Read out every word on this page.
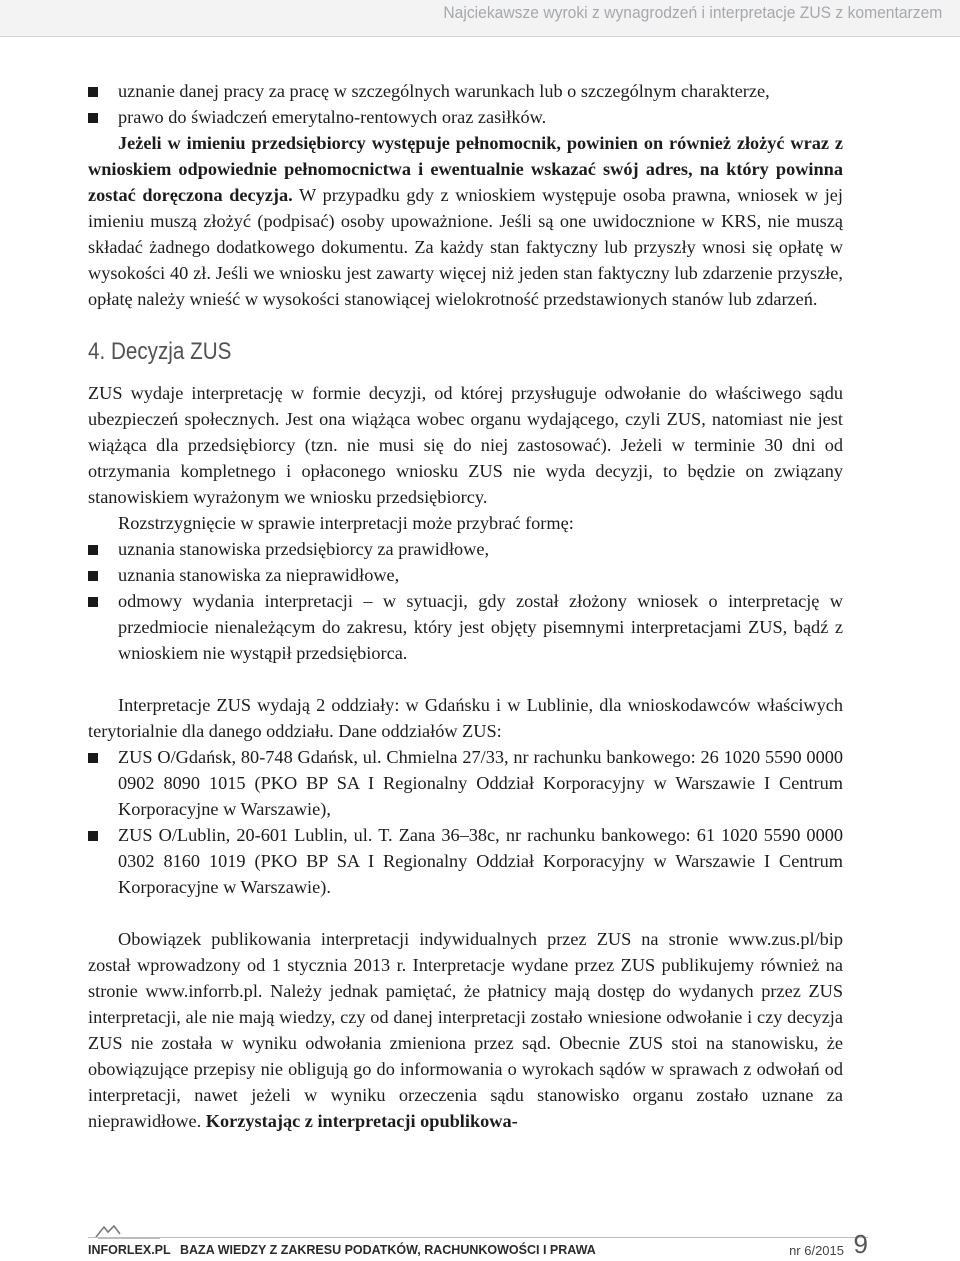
Najciekawsze wyroki z wynagrodzeń i interpretacje ZUS z komentarzem
uznanie danej pracy za pracę w szczególnych warunkach lub o szczególnym charakterze,
prawo do świadczeń emerytalno-rentowych oraz zasiłków.

Jeżeli w imieniu przedsiębiorcy występuje pełnomocnik, powinien on również złożyć wraz z wnioskiem odpowiednie pełnomocnictwa i ewentualnie wskazać swój adres, na który powinna zostać doręczona decyzja. W przypadku gdy z wnioskiem występuje osoba prawna, wniosek w jej imieniu muszą złożyć (podpisać) osoby upoważnione. Jeśli są one uwidocznione w KRS, nie muszą składać żadnego dodatkowego dokumentu. Za każdy stan faktyczny lub przyszły wnosi się opłatę w wysokości 40 zł. Jeśli we wniosku jest zawarty więcej niż jeden stan faktyczny lub zdarzenie przyszłe, opłatę należy wnieść w wysokości stanowiącej wielokrotność przedstawionych stanów lub zdarzeń.

4. Decyzja ZUS

ZUS wydaje interpretację w formie decyzji, od której przysługuje odwołanie do właściwego sądu ubezpieczeń społecznych. Jest ona wiążąca wobec organu wydającego, czyli ZUS, natomiast nie jest wiążąca dla przedsiębiorcy (tzn. nie musi się do niej zastosować). Jeżeli w terminie 30 dni od otrzymania kompletnego i opłaconego wniosku ZUS nie wyda decyzji, to będzie on związany stanowiskiem wyrażonym we wniosku przedsiębiorcy.

Rozstrzygnięcie w sprawie interpretacji może przybrać formę:

uznania stanowiska przedsiębiorcy za prawidłowe,
uznania stanowiska za nieprawidłowe,
odmowy wydania interpretacji – w sytuacji, gdy został złożony wniosek o interpretację w przedmiocie nienależącym do zakresu, który jest objęty pisemnymi interpretacjami ZUS, bądź z wnioskiem nie wystąpił przedsiębiorca.

Interpretacje ZUS wydają 2 oddziały: w Gdańsku i w Lublinie, dla wnioskodawców właściwych terytorialnie dla danego oddziału. Dane oddziałów ZUS:

ZUS O/Gdańsk, 80-748 Gdańsk, ul. Chmielna 27/33, nr rachunku bankowego: 26 1020 5590 0000 0902 8090 1015 (PKO BP SA I Regionalny Oddział Korporacyjny w Warszawie I Centrum Korporacyjne w Warszawie),
ZUS O/Lublin, 20-601 Lublin, ul. T. Zana 36–38c, nr rachunku bankowego: 61 1020 5590 0000 0302 8160 1019 (PKO BP SA I Regionalny Oddział Korporacyjny w Warszawie I Centrum Korporacyjne w Warszawie).

Obowiązek publikowania interpretacji indywidualnych przez ZUS na stronie www.zus.pl/bip został wprowadzony od 1 stycznia 2013 r. Interpretacje wydane przez ZUS publikujemy również na stronie www.inforrb.pl. Należy jednak pamiętać, że płatnicy mają dostęp do wydanych przez ZUS interpretacji, ale nie mają wiedzy, czy od danej interpretacji zostało wniesione odwołanie i czy decyzja ZUS nie została w wyniku odwołania zmieniona przez sąd. Obecnie ZUS stoi na stanowisku, że obowiązujące przepisy nie obligują go do informowania o wyrokach sądów w sprawach z odwołań od interpretacji, nawet jeżeli w wyniku orzeczenia sądu stanowisko organu zostało uznane za nieprawidłowe. Korzystając z interpretacji opublikowa-

INFORLEX.PL BAZA WIEDZY Z ZAKRESU PODATKÓW, RACHUNKOWOŚCI I PRAWA	nr 6/2015 9
